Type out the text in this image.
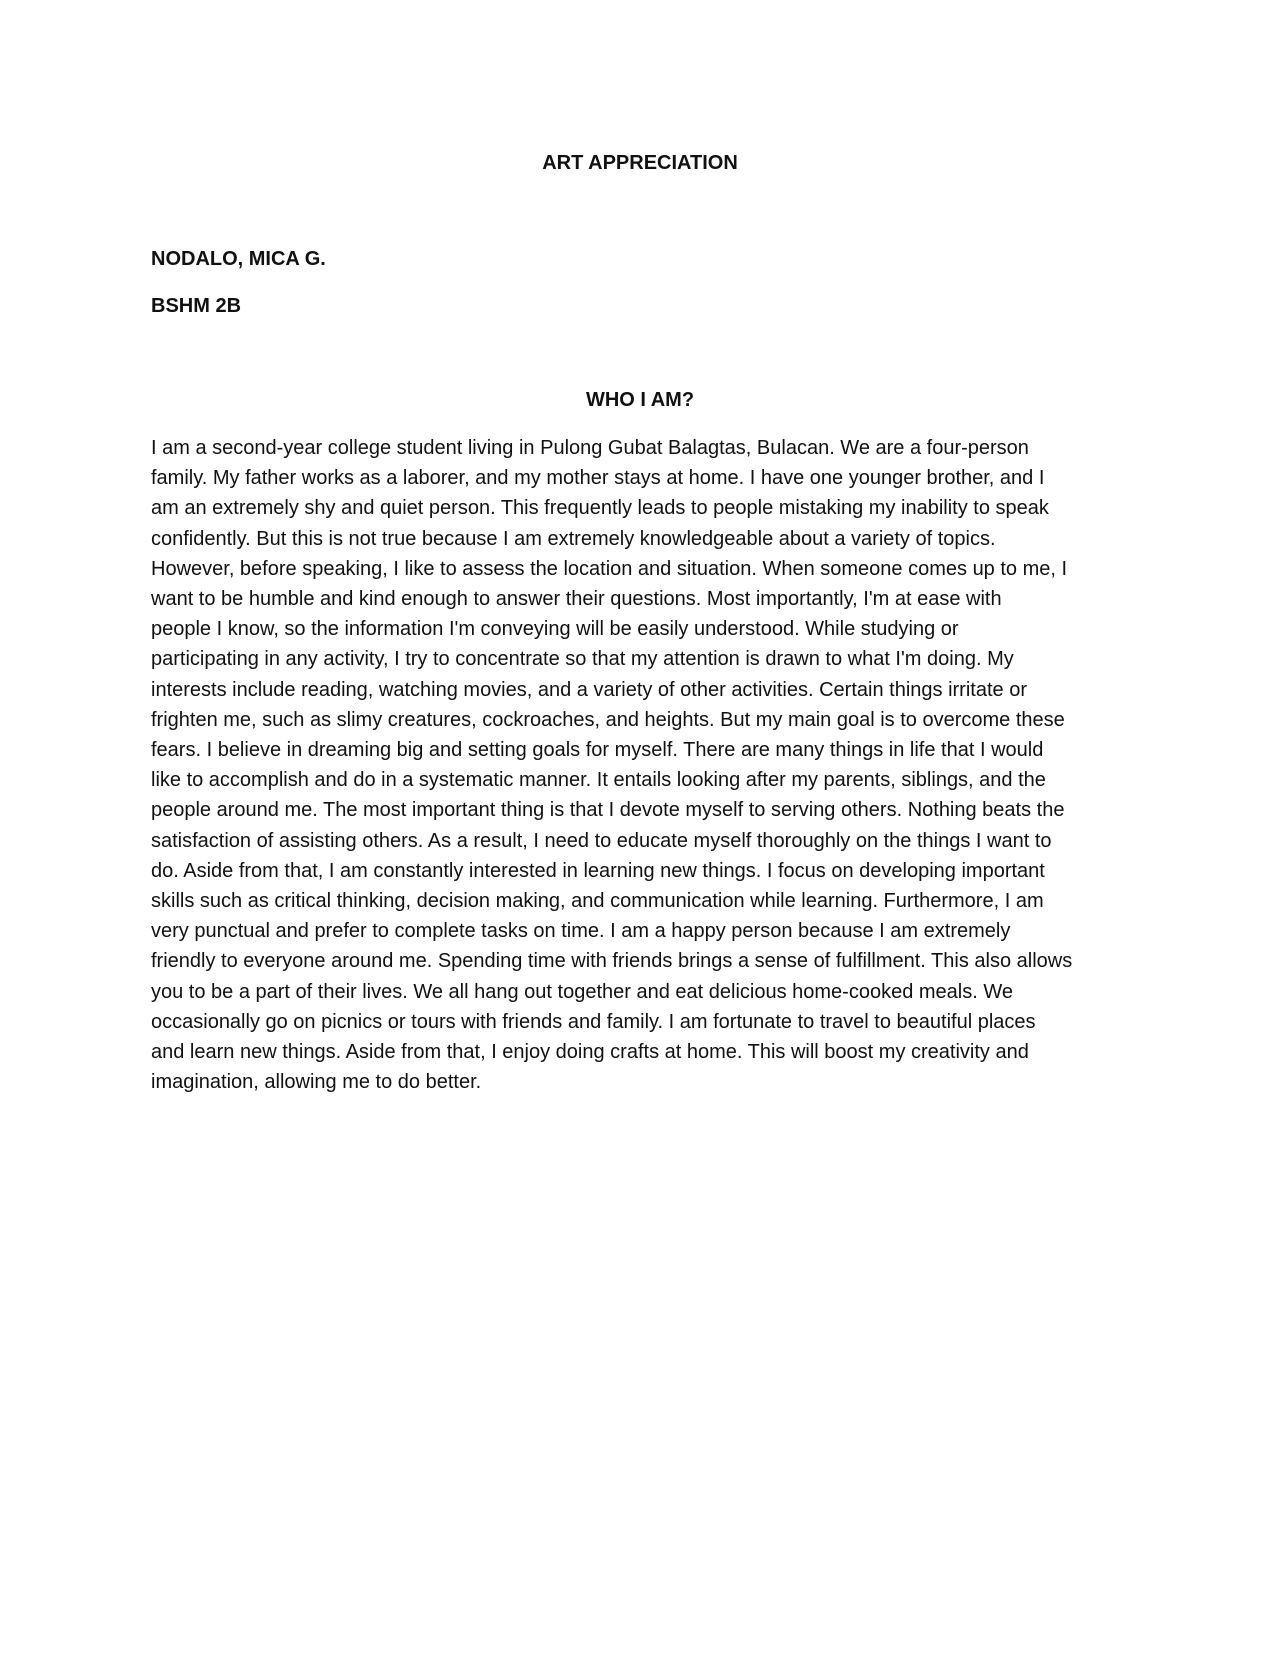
ART APPRECIATION
NODALO, MICA G.
BSHM 2B
WHO I AM?
I am a second-year college student living in Pulong Gubat Balagtas, Bulacan. We are a four-person
family. My father works as a laborer, and my mother stays at home. I have one younger brother, and I
am an extremely shy and quiet person. This frequently leads to people mistaking my inability to speak
confidently. But this is not true because I am extremely knowledgeable about a variety of topics.
However, before speaking, I like to assess the location and situation. When someone comes up to me, I
want to be humble and kind enough to answer their questions. Most importantly, I'm at ease with
people I know, so the information I'm conveying will be easily understood. While studying or
participating in any activity, I try to concentrate so that my attention is drawn to what I'm doing. My
interests include reading, watching movies, and a variety of other activities. Certain things irritate or
frighten me, such as slimy creatures, cockroaches, and heights. But my main goal is to overcome these
fears. I believe in dreaming big and setting goals for myself. There are many things in life that I would
like to accomplish and do in a systematic manner. It entails looking after my parents, siblings, and the
people around me. The most important thing is that I devote myself to serving others. Nothing beats the
satisfaction of assisting others. As a result, I need to educate myself thoroughly on the things I want to
do. Aside from that, I am constantly interested in learning new things. I focus on developing important
skills such as critical thinking, decision making, and communication while learning. Furthermore, I am
very punctual and prefer to complete tasks on time. I am a happy person because I am extremely
friendly to everyone around me. Spending time with friends brings a sense of fulfillment. This also allows
you to be a part of their lives. We all hang out together and eat delicious home-cooked meals. We
occasionally go on picnics or tours with friends and family. I am fortunate to travel to beautiful places
and learn new things. Aside from that, I enjoy doing crafts at home. This will boost my creativity and
imagination, allowing me to do better.
